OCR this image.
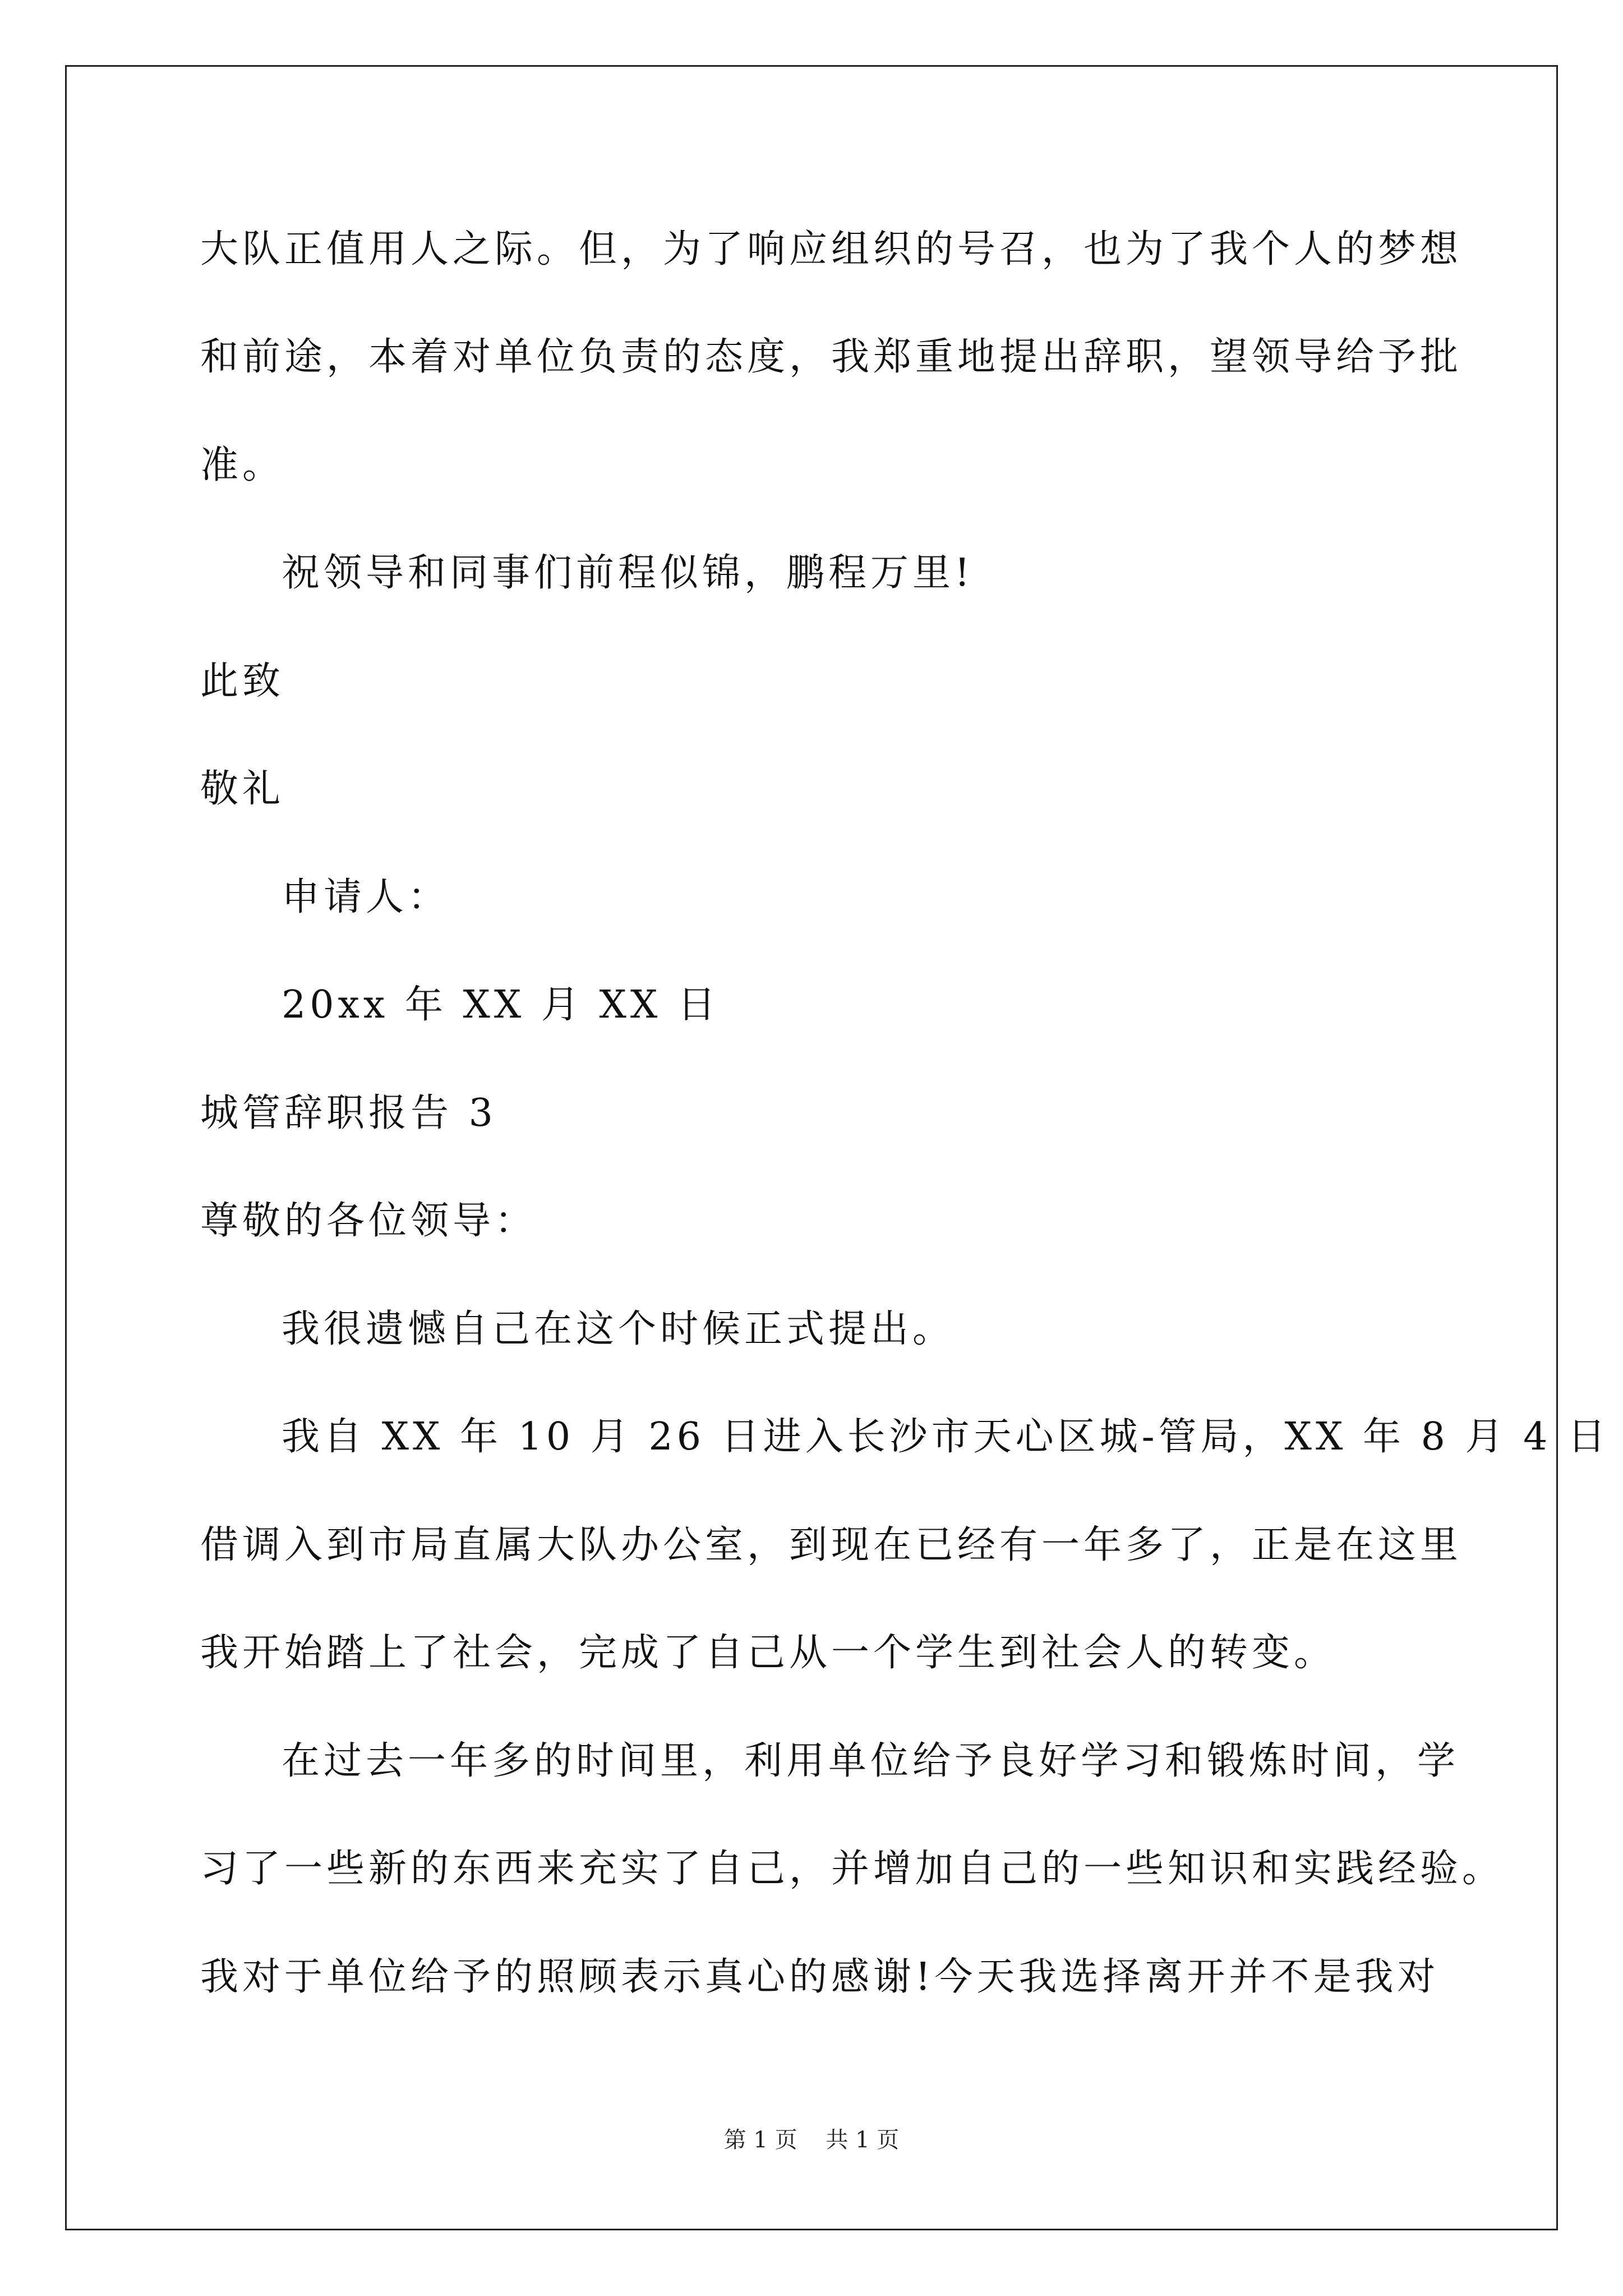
大队正值用人之际。但，为了响应组织的号召，也为了我个人的梦想
和前途，本着对单位负责的态度，我郑重地提出辞职，望领导给予批
准。
祝领导和同事们前程似锦，鹏程万里!
此致
敬礼
申请人：
20xx 年 XX 月 XX 日
城管辞职报告 3
尊敬的各位领导：
我很遗憾自己在这个时候正式提出。
我自 XX 年 10 月 26 日进入长沙市天心区城-管局，XX 年 8 月 4 日
借调入到市局直属大队办公室，到现在已经有一年多了，正是在这里
我开始踏上了社会，完成了自己从一个学生到社会人的转变。
在过去一年多的时间里，利用单位给予良好学习和锻炼时间，学
习了一些新的东西来充实了自己，并增加自己的一些知识和实践经验。
我对于单位给予的照顾表示真心的感谢!今天我选择离开并不是我对
第 1 页    共 1 页
